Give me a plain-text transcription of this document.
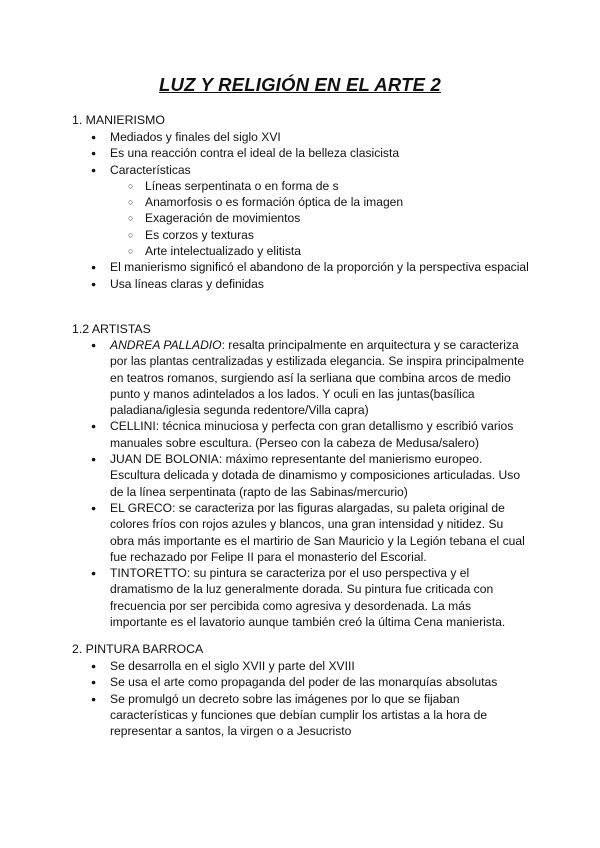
LUZ Y RELIGIÓN EN EL ARTE 2
1. MANIERISMO
● Mediados y finales del siglo XVI
● Es una reacción contra el ideal de la belleza clasicista
● Características
○ Líneas serpentinata o en forma de s
○ Anamorfosis o es formación óptica de la imagen
○ Exageración de movimientos
○ Es corzos y texturas
○ Arte intelectualizado y elitista
● El manierismo significó el abandono de la proporción y la perspectiva espacial
● Usa líneas claras y definidas
1.2 ARTISTAS
● ANDREA PALLADIO: resalta principalmente en arquitectura y se caracteriza por las plantas centralizadas y estilizada elegancia. Se inspira principalmente en teatros romanos, surgiendo así la serliana que combina arcos de medio punto y manos adintelados a los lados. Y oculi en las juntas(basílica paladiana/iglesia segunda redentore/Villa capra)
● CELLINI: técnica minuciosa y perfecta con gran detallismo y escribió varios manuales sobre escultura. (Perseo con la cabeza de Medusa/salero)
● JUAN DE BOLONIA: máximo representante del manierismo europeo. Escultura delicada y dotada de dinamismo y composiciones articuladas. Uso de la línea serpentinata (rapto de las Sabinas/mercurio)
● EL GRECO: se caracteriza por las figuras alargadas, su paleta original de colores fríos con rojos azules y blancos, una gran intensidad y nitidez. Su obra más importante es el martirio de San Mauricio y la Legión tebana el cual fue rechazado por Felipe II para el monasterio del Escorial.
● TINTORETTO: su pintura se caracteriza por el uso perspectiva y el dramatismo de la luz generalmente dorada. Su pintura fue criticada con frecuencia por ser percibida como agresiva y desordenada. La más importante es el lavatorio aunque también creó la última Cena manierista.
2. PINTURA BARROCA
● Se desarrolla en el siglo XVII y parte del XVIII
● Se usa el arte como propaganda del poder de las monarquías absolutas
● Se promulgó un decreto sobre las imágenes por lo que se fijaban características y funciones que debían cumplir los artistas a la hora de representar a santos, la virgen o a Jesucristo
